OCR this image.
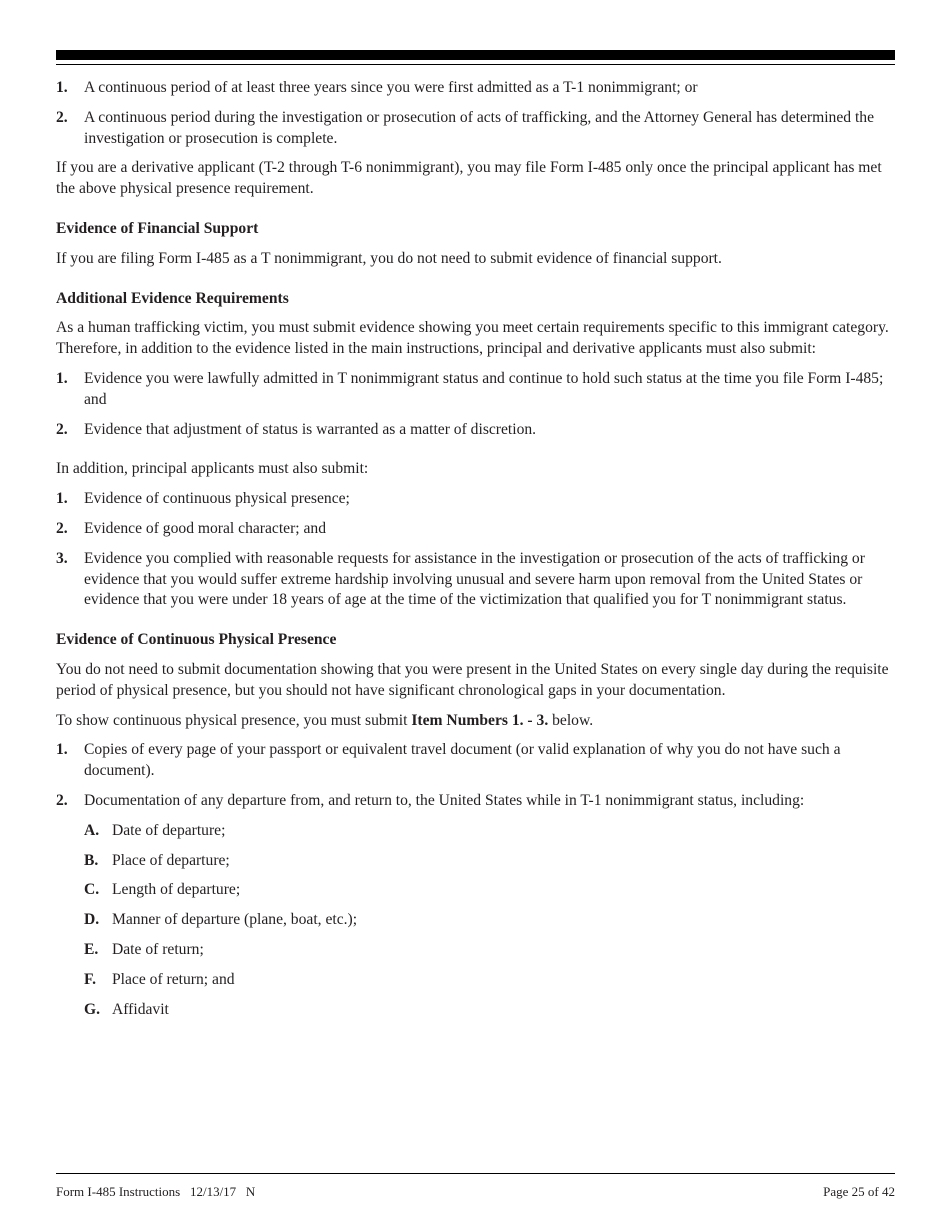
1. A continuous period of at least three years since you were first admitted as a T-1 nonimmigrant; or
2. A continuous period during the investigation or prosecution of acts of trafficking, and the Attorney General has determined the investigation or prosecution is complete.

If you are a derivative applicant (T-2 through T-6 nonimmigrant), you may file Form I-485 only once the principal applicant has met the above physical presence requirement.

Evidence of Financial Support

If you are filing Form I-485 as a T nonimmigrant, you do not need to submit evidence of financial support.

Additional Evidence Requirements

As a human trafficking victim, you must submit evidence showing you meet certain requirements specific to this immigrant category. Therefore, in addition to the evidence listed in the main instructions, principal and derivative applicants must also submit:

1. Evidence you were lawfully admitted in T nonimmigrant status and continue to hold such status at the time you file Form I-485; and
2. Evidence that adjustment of status is warranted as a matter of discretion.

In addition, principal applicants must also submit:

1. Evidence of continuous physical presence;
2. Evidence of good moral character; and
3. Evidence you complied with reasonable requests for assistance in the investigation or prosecution of the acts of trafficking or evidence that you would suffer extreme hardship involving unusual and severe harm upon removal from the United States or evidence that you were under 18 years of age at the time of the victimization that qualified you for T nonimmigrant status.
Evidence of Continuous Physical Presence

You do not need to submit documentation showing that you were present in the United States on every single day during the requisite period of physical presence, but you should not have significant chronological gaps in your documentation.

To show continuous physical presence, you must submit Item Numbers 1. - 3. below.

1. Copies of every page of your passport or equivalent travel document (or valid explanation of why you do not have such a document).
2. Documentation of any departure from, and return to, the United States while in T-1 nonimmigrant status, including:
A. Date of departure;
B. Place of departure;
C. Length of departure;
D. Manner of departure (plane, boat, etc.);
E. Date of return;
F. Place of return; and
G. Affidavit
Form I-485 Instructions   12/13/17   N	Page 25 of 42
